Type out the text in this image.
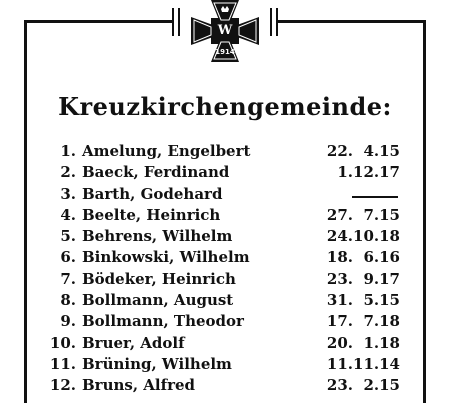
W
1914
Kreuzkirchengemeinde:
1. Amelung, Engelbert	22.  4.15
2. Baeck, Ferdinand	1.12.17
3. Barth, Godehard
4. Beelte, Heinrich	27.  7.15
5. Behrens, Wilhelm	24.10.18
6. Binkowski, Wilhelm	18.  6.16
7. Bödeker, Heinrich	23.  9.17
8. Bollmann, August	31.  5.15
9. Bollmann, Theodor	17.  7.18
10. Bruer, Adolf	20.  1.18
11. Brüning, Wilhelm	11.11.14
12. Bruns, Alfred	23.  2.15
